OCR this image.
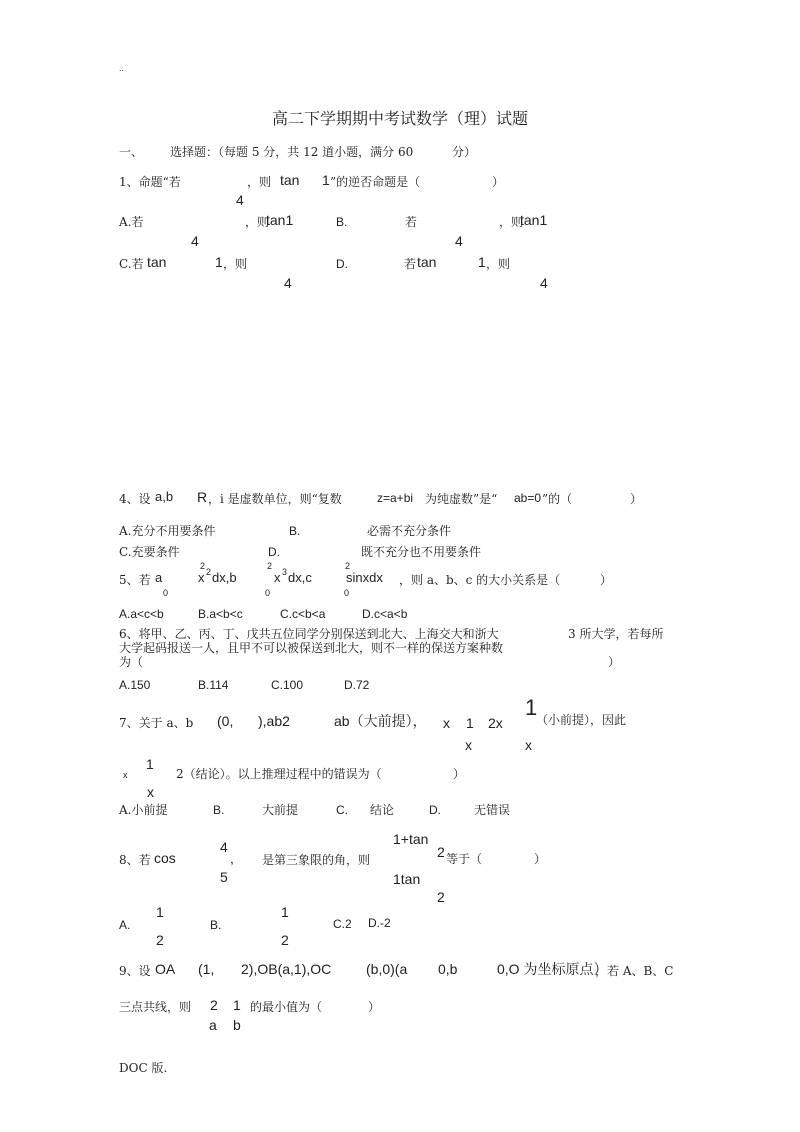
..
高二下学期期中考试数学（理）试题
一、 选择题：（每题 5 分，共 12 道小题，满分 60	分）
1、命题“若	，则 tan 1 ”的逆否命题是（	）
4
A.若	，则
tan1
4
B.	若	，则
tan1
4
C.若 tan	1 ，则
4
D.	若 tan	1 ，则
4
4、设 a,b R ，i 是虚数单位，则“复数	z=a+bi 为纯虚数”是“ ab=0 ”的（	）
A.充分不用要条件	B.	必需不充分条件
C.充要条件	D.	既不充分也不用要条件
5、若 a
2
0
x 2 dx,b
2
0
x 3 dx,c
2
0
sinxdx ，则 a、b、c 的大小关系是（	）
A.a<c<b	B.a<b<c	C.c<b<a	D.c<a<b
6、将甲、乙、丙、丁、戊共五位同学分别保送到北大、上海交大和浙大	3 所大学，若每所
大学起码报送一人，且甲不可以被保送到北大，则不一样的保送方案种数
为（	）
A.150	B.114	C.100	D.72
7、关于 a、b (0, ),ab2	ab（大前提）， x 1 2x
1
（小前提），因此
x	x
x
1
x
2（结论）。以上推理过程中的错误为（	）
A.小前提	B.	大前提	C. 结论	D.	无错误
8、若 cos
4
，
5
是第三象限的角，则
1+tan
2 等于（	）
1tan
2
A.
1
2
B.
1
2
C.2 D.-2
9、设 OA (1, 2),OB(a,1),OC (b,0)(a 0,b	0,O 为坐标原点）
，若 A、B、C
三点共线，则 2 1 的最小值为（	）
a b
DOC 版.
